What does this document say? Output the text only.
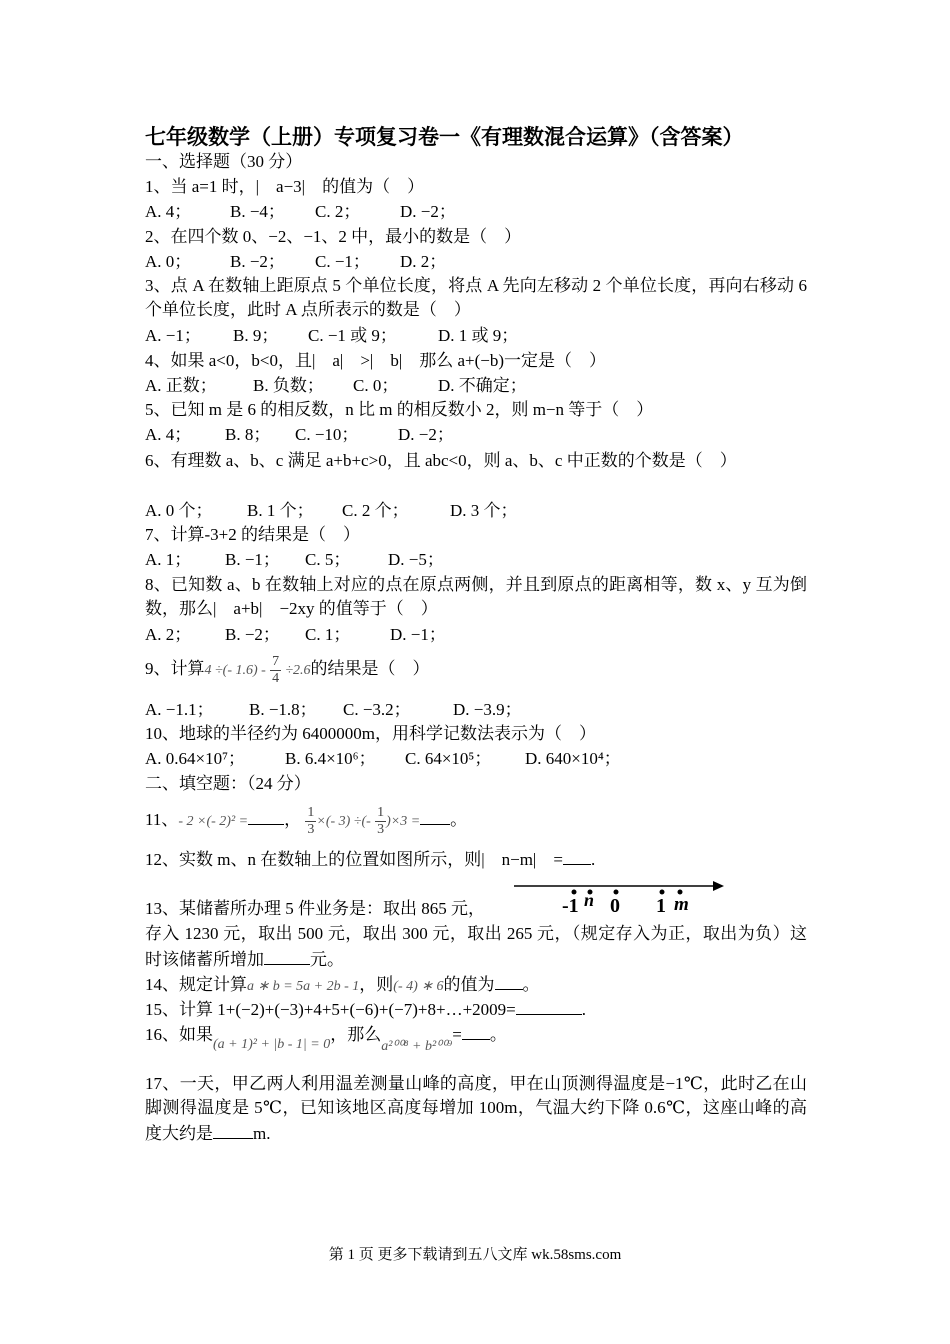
七年级数学（上册）专项复习卷一《有理数混合运算》（含答案）
一、选择题（30 分）
1、当 a=1 时，|　a−3|　的值为（　）
A. 4； B. −4； C. 2； D. −2；
2、在四个数 0、−2、−1、2 中，最小的数是（　）
A. 0； B. −2； C. −1； D. 2；
3、点 A 在数轴上距原点 5 个单位长度，将点 A 先向左移动 2 个单位长度，再向右移动 6 个单位长度，此时 A 点所表示的数是（　）
A. −1； B. 9； C. −1 或 9； D. 1 或 9；
4、如果 a<0，b<0，且|　a|　>|　b|　那么 a+(−b)一定是（　）
A. 正数； B. 负数； C. 0； D. 不确定；
5、已知 m 是 6 的相反数，n 比 m 的相反数小 2，则 m−n 等于（　）
A. 4； B. 8； C. −10； D. −2；
6、有理数 a、b、c 满足 a+b+c>0，且 abc<0，则 a、b、c 中正数的个数是（　）
A. 0 个； B. 1 个； C. 2 个； D. 3 个；
7、计算-3+2 的结果是（　）
A. 1； B. −1； C. 5； D. −5；
8、已知数 a、b 在数轴上对应的点在原点两侧，并且到原点的距离相等，数 x、y 互为倒数，那么|　a+b|　−2xy 的值等于（　）
A. 2； B. −2； C. 1； D. −1；
9、计算4 ÷(- $1.6) - \frac{7}{4} \div 2.6$的结果是（　）
A. −1.1； B. −1.8； C. −3.2； D. −3.9；
10、地球的半径约为 6400000m，用科学记数法表示为（　）
A. 0.64×10⁷； B. 6.4×10⁶； C. 64×10⁵； D. 640×10⁴；
二、填空题：（24 分）
11、- 2 ×(- 2)² = ， $\frac{1}{3}$ ×(- 3) ÷(- $\frac{1}{3} )\times 3$ = 。
12、实数 m、n 在数轴上的位置如图所示，则|　n−m|　= .
-1 n 0 1 m
13、某储蓄所办理 5 件业务是：取出 865 元，
存入 1230 元，取出 500 元，取出 300 元，取出 265 元，（规定存入为正，取出为负）这时该储蓄所增加	元。
14、规定计算a ∗ b = 5a + 2b - 1，则(- 4) ∗ 6的值为 。
15、计算 1+(−2)+(−3)+4+5+(−6)+(−7)+8+…+2009=	.
16、如果$_{(a + 1)^2 + |b - 1| = 0}$，那么$_{a^{2008} + b^{2009}}$= 。
17、一天，甲乙两人利用温差测量山峰的高度，甲在山顶测得温度是−1℃，此时乙在山脚测得温度是 5℃，已知该地区高度每增加 100m，气温大约下降 0.6℃，这座山峰的高度大约是 m.
第 1 页 更多下载请到五八文库 wk.58sms.com
